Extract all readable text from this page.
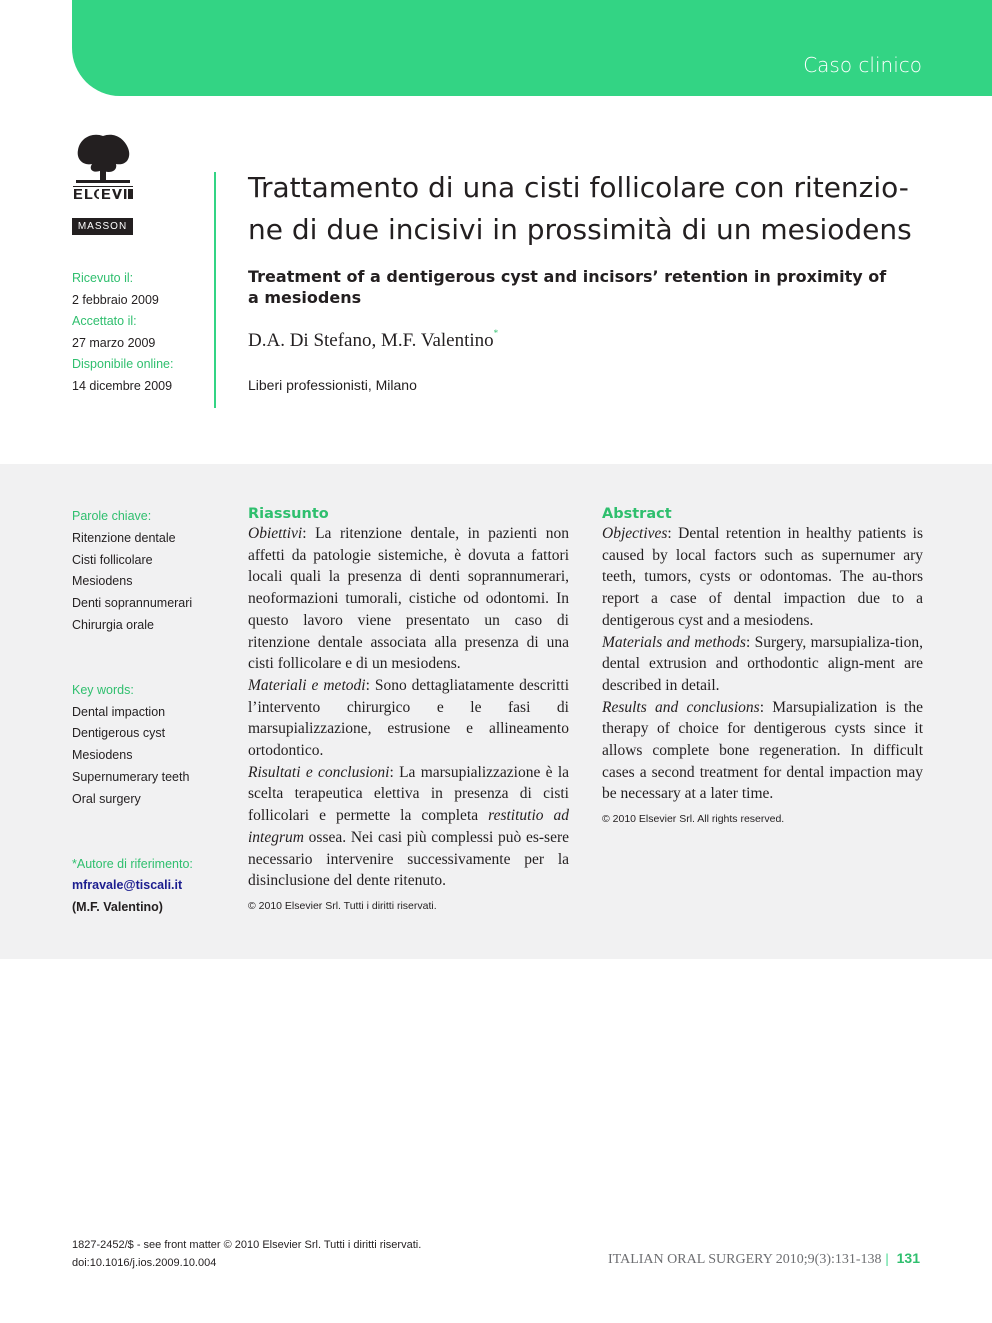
Caso clinico
MASSON
Ricevuto il:
2 febbraio 2009
Accettato il:
27 marzo 2009
Disponibile online:
14 dicembre 2009
Trattamento di una cisti follicolare con ritenzio-ne di due incisivi in prossimità di un mesiodens
Treatment of a dentigerous cyst and incisors’ retention in proximity of a mesiodens
D.A. Di Stefano, M.F. Valentino*
Liberi professionisti, Milano
Parole chiave:
Ritenzione dentale
Cisti follicolare
Mesiodens
Denti soprannumerari
Chirurgia orale
Key words:
Dental impaction
Dentigerous cyst
Mesiodens
Supernumerary teeth
Oral surgery
*Autore di riferimento:
mfravale@tiscali.it
(M.F. Valentino)
Riassunto

Obiettivi: La ritenzione dentale, in pazienti non affetti da patologie sistemiche, è dovuta a fattori locali quali la presenza di denti soprannumerari, neoformazioni tumorali, cistiche od odontomi. In questo lavoro viene presentato un caso di ritenzione dentale associata alla presenza di una cisti follicolare e di un mesiodens.

Materiali e metodi: Sono dettagliatamente descritti l’intervento chirurgico e le fasi di marsupializzazione, estrusione e allineamento ortodontico.

Risultati e conclusioni: La marsupializzazione è la scelta terapeutica elettiva in presenza di cisti follicolari e permette la completa restitutio ad integrum ossea. Nei casi più complessi può es-sere necessario intervenire successivamente per la disinclusione del dente ritenuto.

© 2010 Elsevier Srl. Tutti i diritti riservati.

Abstract

Objectives: Dental retention in healthy patients is caused by local factors such as supernumer ary teeth, tumors, cysts or odontomas. The au-thors report a case of dental impaction due to a dentigerous cyst and a mesiodens.

Materials and methods: Surgery, marsupializa-tion, dental extrusion and orthodontic align-ment are described in detail.

Results and conclusions: Marsupialization is the therapy of choice for dentigerous cysts since it allows complete bone regeneration. In difficult cases a second treatment for dental impaction may be necessary at a later time.

© 2010 Elsevier Srl. All rights reserved.

1827-2452/$ - see front matter © 2010 Elsevier Srl. Tutti i diritti riservati.
doi:10.1016/j.ios.2009.10.004	ITALIAN ORAL SURGERY 2010;9(3):131-138 | 131
